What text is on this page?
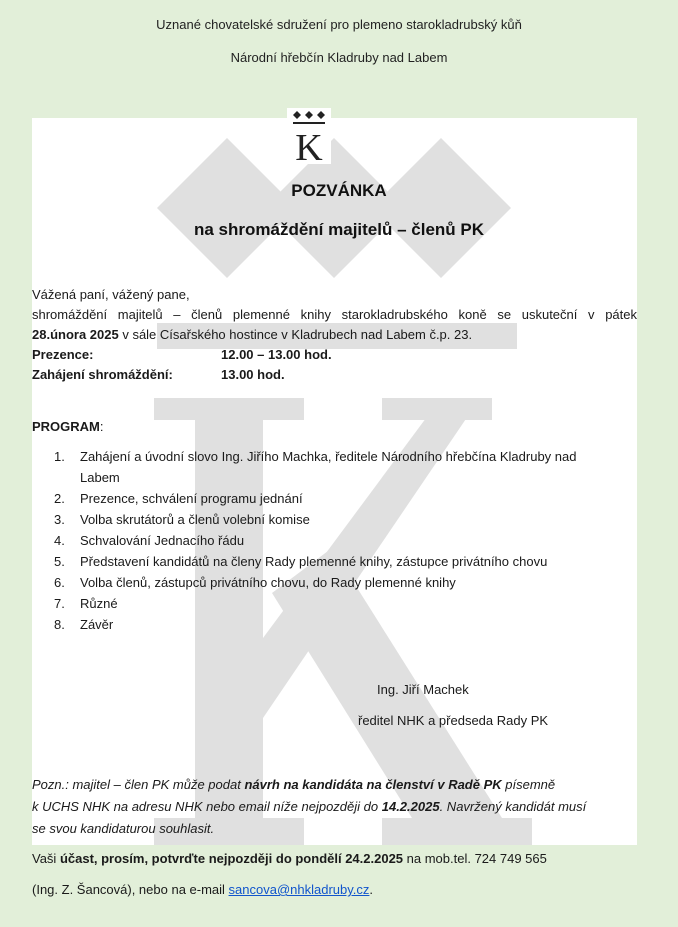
Uznané chovatelské sdružení pro plemeno starokladrubský kůň
Národní hřebčín Kladruby nad Labem
K
POZVÁNKA
na shromáždění majitelů – členů PK
Vážená paní, vážený pane,
shromáždění majitelů – členů plemenné knihy starokladrubského koně se uskuteční v pátek
28.února 2025 v sále Císařského hostince v Kladrubech nad Labem č.p. 23.
Prezence:	12.00 – 13.00 hod.
Zahájení shromáždění:	13.00 hod.
PROGRAM:
1. Zahájení a úvodní slovo Ing. Jiřího Machka, ředitele Národního hřebčína Kladruby nad
Labem
2. Prezence, schválení programu jednání
3. Volba skrutátorů a členů volební komise
4. Schvalování Jednacího řádu
5. Představení kandidátů na členy Rady plemenné knihy, zástupce privátního chovu
6. Volba členů, zástupců privátního chovu, do Rady plemenné knihy
7. Různé
8. Závěr
Ing. Jiří Machek
ředitel NHK a předseda Rady PK
Pozn.: majitel – člen PK může podat návrh na kandidáta na členství v Radě PK písemně
k UCHS NHK na adresu NHK nebo email níže nejpozději do 14.2.2025. Navržený kandidát musí
se svou kandidaturou souhlasit.
Vaši účast, prosím, potvrďte nejpozději do pondělí 24.2.2025 na mob.tel. 724 749 565
(Ing. Z. Šancová), nebo na e-mail sancova@nhkladruby.cz.
